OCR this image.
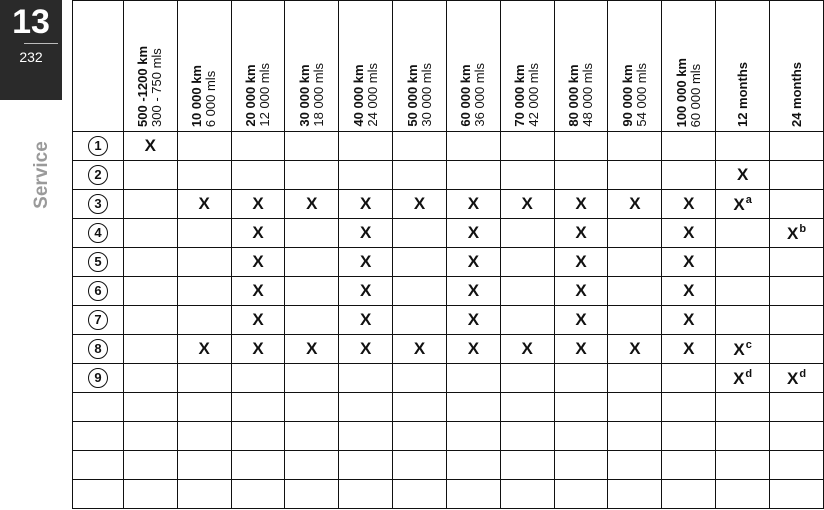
13
232
Service

	500 -1200 km 300 - 750 mls	10 000 km 6 000 mls	20 000 km 12 000 mls	30 000 km 18 000 mls	40 000 km 24 000 mls	50 000 km 30 000 mls	60 000 km 36 000 mls	70 000 km 42 000 mls	80 000 km 48 000 mls	90 000 km 54 000 mls	100 000 km 60 000 mls	12 months	24 months

1	X												
2												X	
3		X	X	X	X	X	X	X	X	X	X	$X^a$	
4			X		X		X		X		X		$X^b$
5			X		X		X		X		X		
6			X		X		X		X		X		
7			X		X		X		X		X		
8		X	X	X	X	X	X	X	X	X	X	$X^c$	
9												$X^d$	$X^d$
